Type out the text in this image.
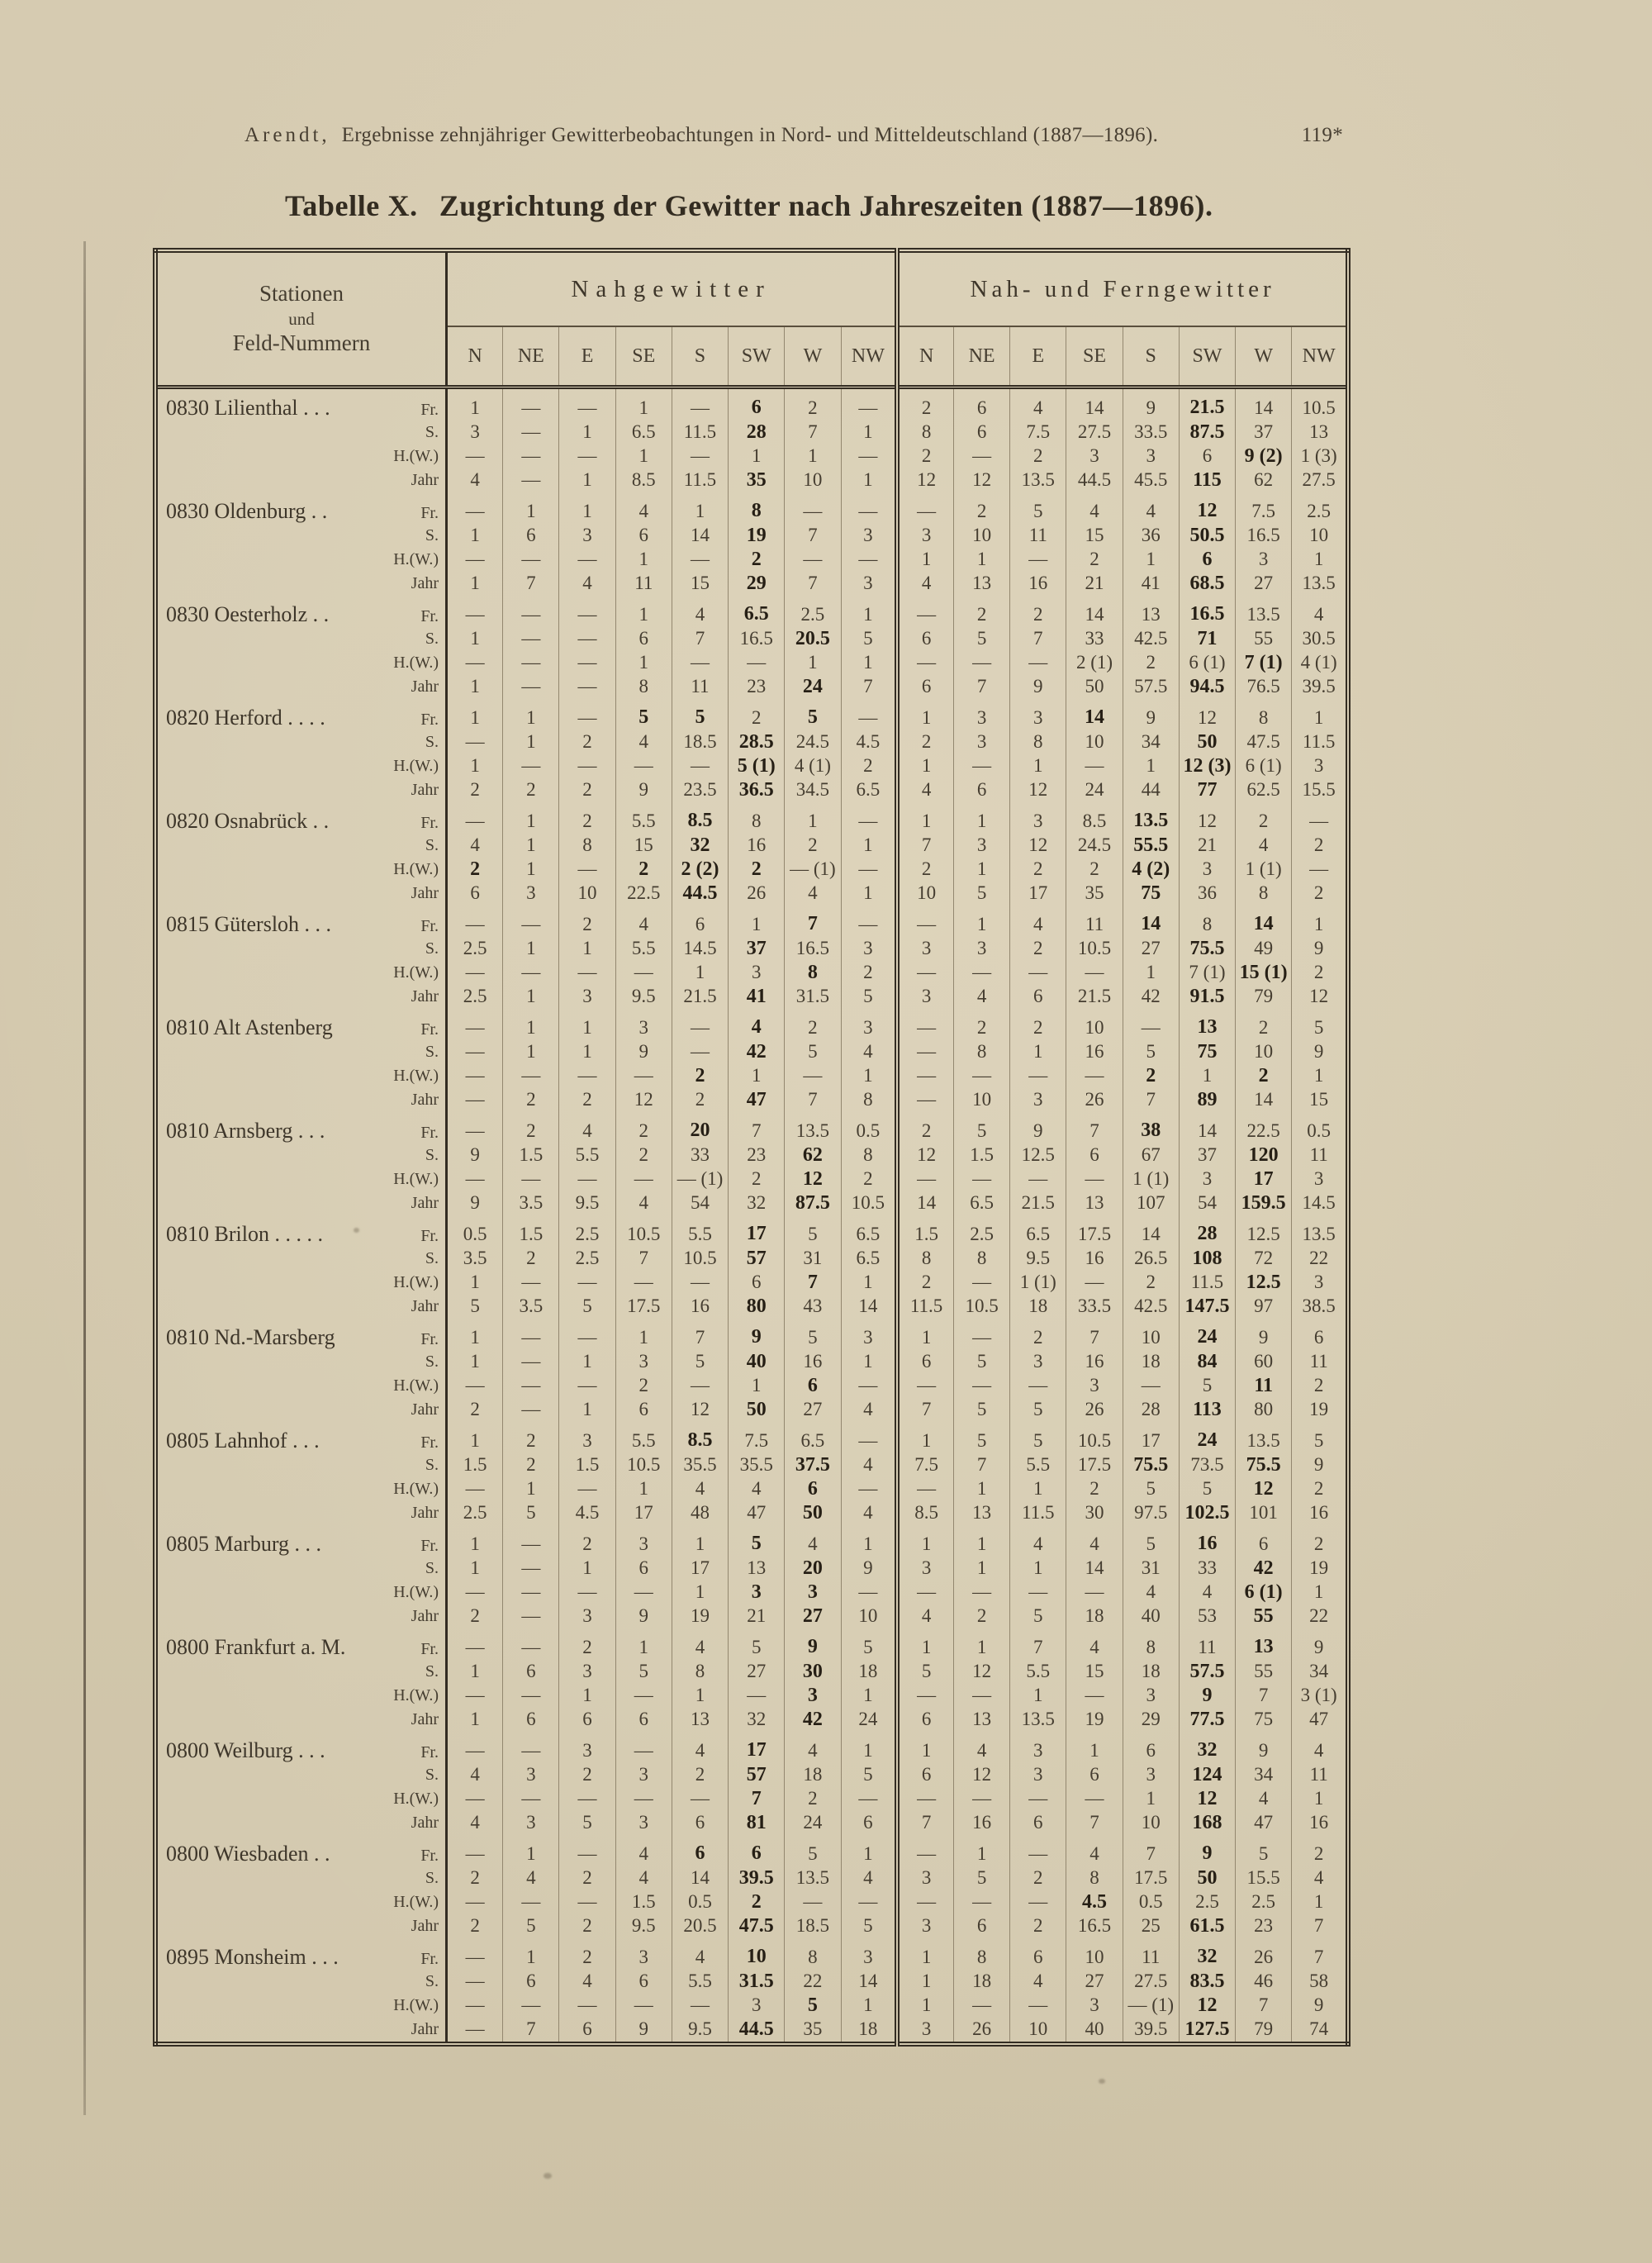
Arendt, Ergebnisse zehnjähriger Gewitterbeobachtungen in Nord- und Mitteldeutschland (1887—1896).	119*
Tabelle X. Zugrichtung der Gewitter nach Jahreszeiten (1887—1896).
Stationen
und
Feld-Nummern	Nahgewitter								Nah- und Ferngewitter							
	N	NE	E	SE	S	SW	W	NW	N	NE	E	SE	S	SW	W	NW

0830 Lilienthal . . . Fr.	1	—	—	1	—	6	2	—	2	6	4	14	9	21.5	14	10.5

S.	3	—	1	6.5	11.5	28	7	1	8	6	7.5	27.5	33.5	87.5	37	13

H.(W.)	—	—	—	1	—	1	1	—	2	—	2	3	3	6	9 (2)	1 (3)

Jahr	4	—	1	8.5	11.5	35	10	1	12	12	13.5	44.5	45.5	115	62	27.5

0830 Oldenburg . . Fr.	—	1	1	4	1	8	—	—	—	2	5	4	4	12	7.5	2.5

S.	1	6	3	6	14	19	7	3	3	10	11	15	36	50.5	16.5	10

H.(W.)	—	—	—	1	—	2	—	—	1	1	—	2	1	6	3	1

Jahr	1	7	4	11	15	29	7	3	4	13	16	21	41	68.5	27	13.5

0830 Oesterholz . . Fr.	—	—	—	1	4	6.5	2.5	1	—	2	2	14	13	16.5	13.5	4

S.	1	—	—	6	7	16.5	20.5	5	6	5	7	33	42.5	71	55	30.5

H.(W.)	—	—	—	1	—	—	1	1	—	—	—	2 (1)	2	6 (1)	7 (1)	4 (1)

Jahr	1	—	—	8	11	23	24	7	6	7	9	50	57.5	94.5	76.5	39.5

0820 Herford . . . . Fr.	1	1	—	5	5	2	5	—	1	3	3	14	9	12	8	1

S.	—	1	2	4	18.5	28.5	24.5	4.5	2	3	8	10	34	50	47.5	11.5

H.(W.)	1	—	—	—	—	5 (1)	4 (1)	2	1	—	1	—	1	12 (3)	6 (1)	3

Jahr	2	2	2	9	23.5	36.5	34.5	6.5	4	6	12	24	44	77	62.5	15.5

0820 Osnabrück . . Fr.	—	1	2	5.5	8.5	8	1	—	1	1	3	8.5	13.5	12	2	—

S.	4	1	8	15	32	16	2	1	7	3	12	24.5	55.5	21	4	2

H.(W.)	2	1	—	2	2 (2)	2	— (1)	—	2	1	2	2	4 (2)	3	1 (1)	—

Jahr	6	3	10	22.5	44.5	26	4	1	10	5	17	35	75	36	8	2

0815 Gütersloh . . . Fr.	—	—	2	4	6	1	7	—	—	1	4	11	14	8	14	1

S.	2.5	1	1	5.5	14.5	37	16.5	3	3	3	2	10.5	27	75.5	49	9

H.(W.)	—	—	—	—	1	3	8	2	—	—	—	—	1	7 (1)	15 (1)	2

Jahr	2.5	1	3	9.5	21.5	41	31.5	5	3	4	6	21.5	42	91.5	79	12

0810 Alt Astenberg Fr.	—	1	1	3	—	4	2	3	—	2	2	10	—	13	2	5

S.	—	1	1	9	—	42	5	4	—	8	1	16	5	75	10	9

H.(W.)	—	—	—	—	2	1	—	1	—	—	—	—	2	1	2	1

Jahr	—	2	2	12	2	47	7	8	—	10	3	26	7	89	14	15

0810 Arnsberg . . . Fr.	—	2	4	2	20	7	13.5	0.5	2	5	9	7	38	14	22.5	0.5

S.	9	1.5	5.5	2	33	23	62	8	12	1.5	12.5	6	67	37	120	11

H.(W.)	—	—	—	—	— (1)	2	12	2	—	—	—	—	1 (1)	3	17	3

Jahr	9	3.5	9.5	4	54	32	87.5	10.5	14	6.5	21.5	13	107	54	159.5	14.5

0810 Brilon . . . . . Fr.	0.5	1.5	2.5	10.5	5.5	17	5	6.5	1.5	2.5	6.5	17.5	14	28	12.5	13.5

S.	3.5	2	2.5	7	10.5	57	31	6.5	8	8	9.5	16	26.5	108	72	22

H.(W.)	1	—	—	—	—	6	7	1	2	—	1 (1)	—	2	11.5	12.5	3

Jahr	5	3.5	5	17.5	16	80	43	14	11.5	10.5	18	33.5	42.5	147.5	97	38.5

0810 Nd.-Marsberg Fr.	1	—	—	1	7	9	5	3	1	—	2	7	10	24	9	6

S.	1	—	1	3	5	40	16	1	6	5	3	16	18	84	60	11

H.(W.)	—	—	—	2	—	1	6	—	—	—	—	3	—	5	11	2

Jahr	2	—	1	6	12	50	27	4	7	5	5	26	28	113	80	19

0805 Lahnhof . . . Fr.	1	2	3	5.5	8.5	7.5	6.5	—	1	5	5	10.5	17	24	13.5	5

S.	1.5	2	1.5	10.5	35.5	35.5	37.5	4	7.5	7	5.5	17.5	75.5	73.5	75.5	9

H.(W.)	—	1	—	1	4	4	6	—	—	1	1	2	5	5	12	2

Jahr	2.5	5	4.5	17	48	47	50	4	8.5	13	11.5	30	97.5	102.5	101	16

0805 Marburg . . . Fr.	1	—	2	3	1	5	4	1	1	1	4	4	5	16	6	2

S.	1	—	1	6	17	13	20	9	3	1	1	14	31	33	42	19

H.(W.)	—	—	—	—	1	3	3	—	—	—	—	—	4	4	6 (1)	1

Jahr	2	—	3	9	19	21	27	10	4	2	5	18	40	53	55	22

0800 Frankfurt a. M. Fr.	—	—	2	1	4	5	9	5	1	1	7	4	8	11	13	9

S.	1	6	3	5	8	27	30	18	5	12	5.5	15	18	57.5	55	34

H.(W.)	—	—	1	—	1	—	3	1	—	—	1	—	3	9	7	3 (1)

Jahr	1	6	6	6	13	32	42	24	6	13	13.5	19	29	77.5	75	47

0800 Weilburg . . . Fr.	—	—	3	—	4	17	4	1	1	4	3	1	6	32	9	4

S.	4	3	2	3	2	57	18	5	6	12	3	6	3	124	34	11

H.(W.)	—	—	—	—	—	7	2	—	—	—	—	—	1	12	4	1

Jahr	4	3	5	3	6	81	24	6	7	16	6	7	10	168	47	16

0800 Wiesbaden . . Fr.	—	1	—	4	6	6	5	1	—	1	—	4	7	9	5	2

S.	2	4	2	4	14	39.5	13.5	4	3	5	2	8	17.5	50	15.5	4

H.(W.)	—	—	—	1.5	0.5	2	—	—	—	—	—	4.5	0.5	2.5	2.5	1

Jahr	2	5	2	9.5	20.5	47.5	18.5	5	3	6	2	16.5	25	61.5	23	7

0895 Monsheim . . . Fr.	—	1	2	3	4	10	8	3	1	8	6	10	11	32	26	7

S.	—	6	4	6	5.5	31.5	22	14	1	18	4	27	27.5	83.5	46	58

H.(W.)	—	—	—	—	—	3	5	1	1	—	—	3	— (1)	12	7	9

Jahr	—	7	6	9	9.5	44.5	35	18	3	26	10	40	39.5	127.5	79	74
